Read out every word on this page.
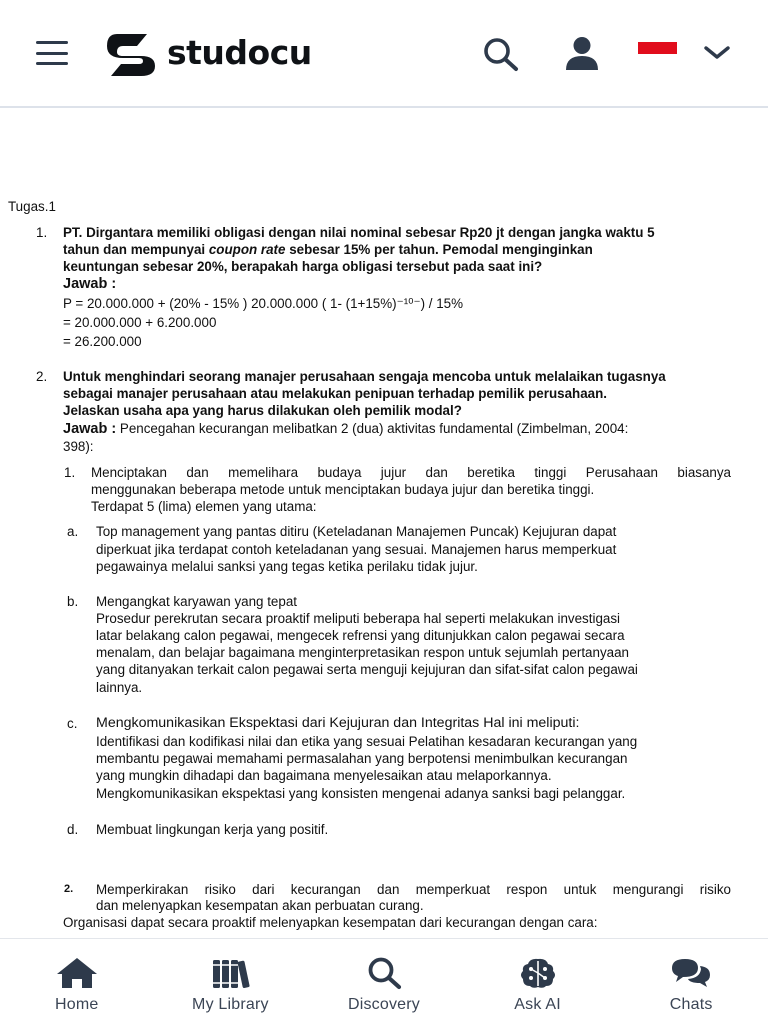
studocu
Tugas.1
1. PT. Dirgantara memiliki obligasi dengan nilai nominal sebesar Rp20 jt dengan jangka waktu 5
tahun dan mempunyai coupon rate sebesar 15% per tahun. Pemodal menginginkan
keuntungan sebesar 20%, berapakah harga obligasi tersebut pada saat ini?
Jawab :
P = 20.000.000 + (20% - 15% ) 20.000.000 ( 1- (1+15%)⁻¹⁰⁻) / 15%
= 20.000.000 + 6.200.000
= 26.200.000
2. Untuk menghindari seorang manajer perusahaan sengaja mencoba untuk melalaikan tugasnya
sebagai manajer perusahaan atau melakukan penipuan terhadap pemilik perusahaan.
Jelaskan usaha apa yang harus dilakukan oleh pemilik modal?
Jawab : Pencegahan kecurangan melibatkan 2 (dua) aktivitas fundamental (Zimbelman, 2004:
398):
1. Menciptakan dan memelihara budaya jujur dan beretika tinggi Perusahaan biasanya
menggunakan beberapa metode untuk menciptakan budaya jujur dan beretika tinggi.
Terdapat 5 (lima) elemen yang utama:
a. Top management yang pantas ditiru (Keteladanan Manajemen Puncak) Kejujuran dapat
diperkuat jika terdapat contoh keteladanan yang sesuai. Manajemen harus memperkuat
pegawainya melalui sanksi yang tegas ketika perilaku tidak jujur.
b. Mengangkat karyawan yang tepat
Prosedur perekrutan secara proaktif meliputi beberapa hal seperti melakukan investigasi
latar belakang calon pegawai, mengecek refrensi yang ditunjukkan calon pegawai secara
menalam, dan belajar bagaimana menginterpretasikan respon untuk sejumlah pertanyaan
yang ditanyakan terkait calon pegawai serta menguji kejujuran dan sifat-sifat calon pegawai
lainnya.
c. Mengkomunikasikan Ekspektasi dari Kejujuran dan Integritas Hal ini meliputi:
Identifikasi dan kodifikasi nilai dan etika yang sesuai Pelatihan kesadaran kecurangan yang
membantu pegawai memahami permasalahan yang berpotensi menimbulkan kecurangan
yang mungkin dihadapi dan bagaimana menyelesaikan atau melaporkannya.
Mengkomunikasikan ekspektasi yang konsisten mengenai adanya sanksi bagi pelanggar.
d. Membuat lingkungan kerja yang positif.
2. Memperkirakan risiko dari kecurangan dan memperkuat respon untuk mengurangi risiko
dan melenyapkan kesempatan akan perbuatan curang.
Organisasi dapat secara proaktif melenyapkan kesempatan dari kecurangan dengan cara:
Home	My Library	Discovery	Ask AI	Chats
